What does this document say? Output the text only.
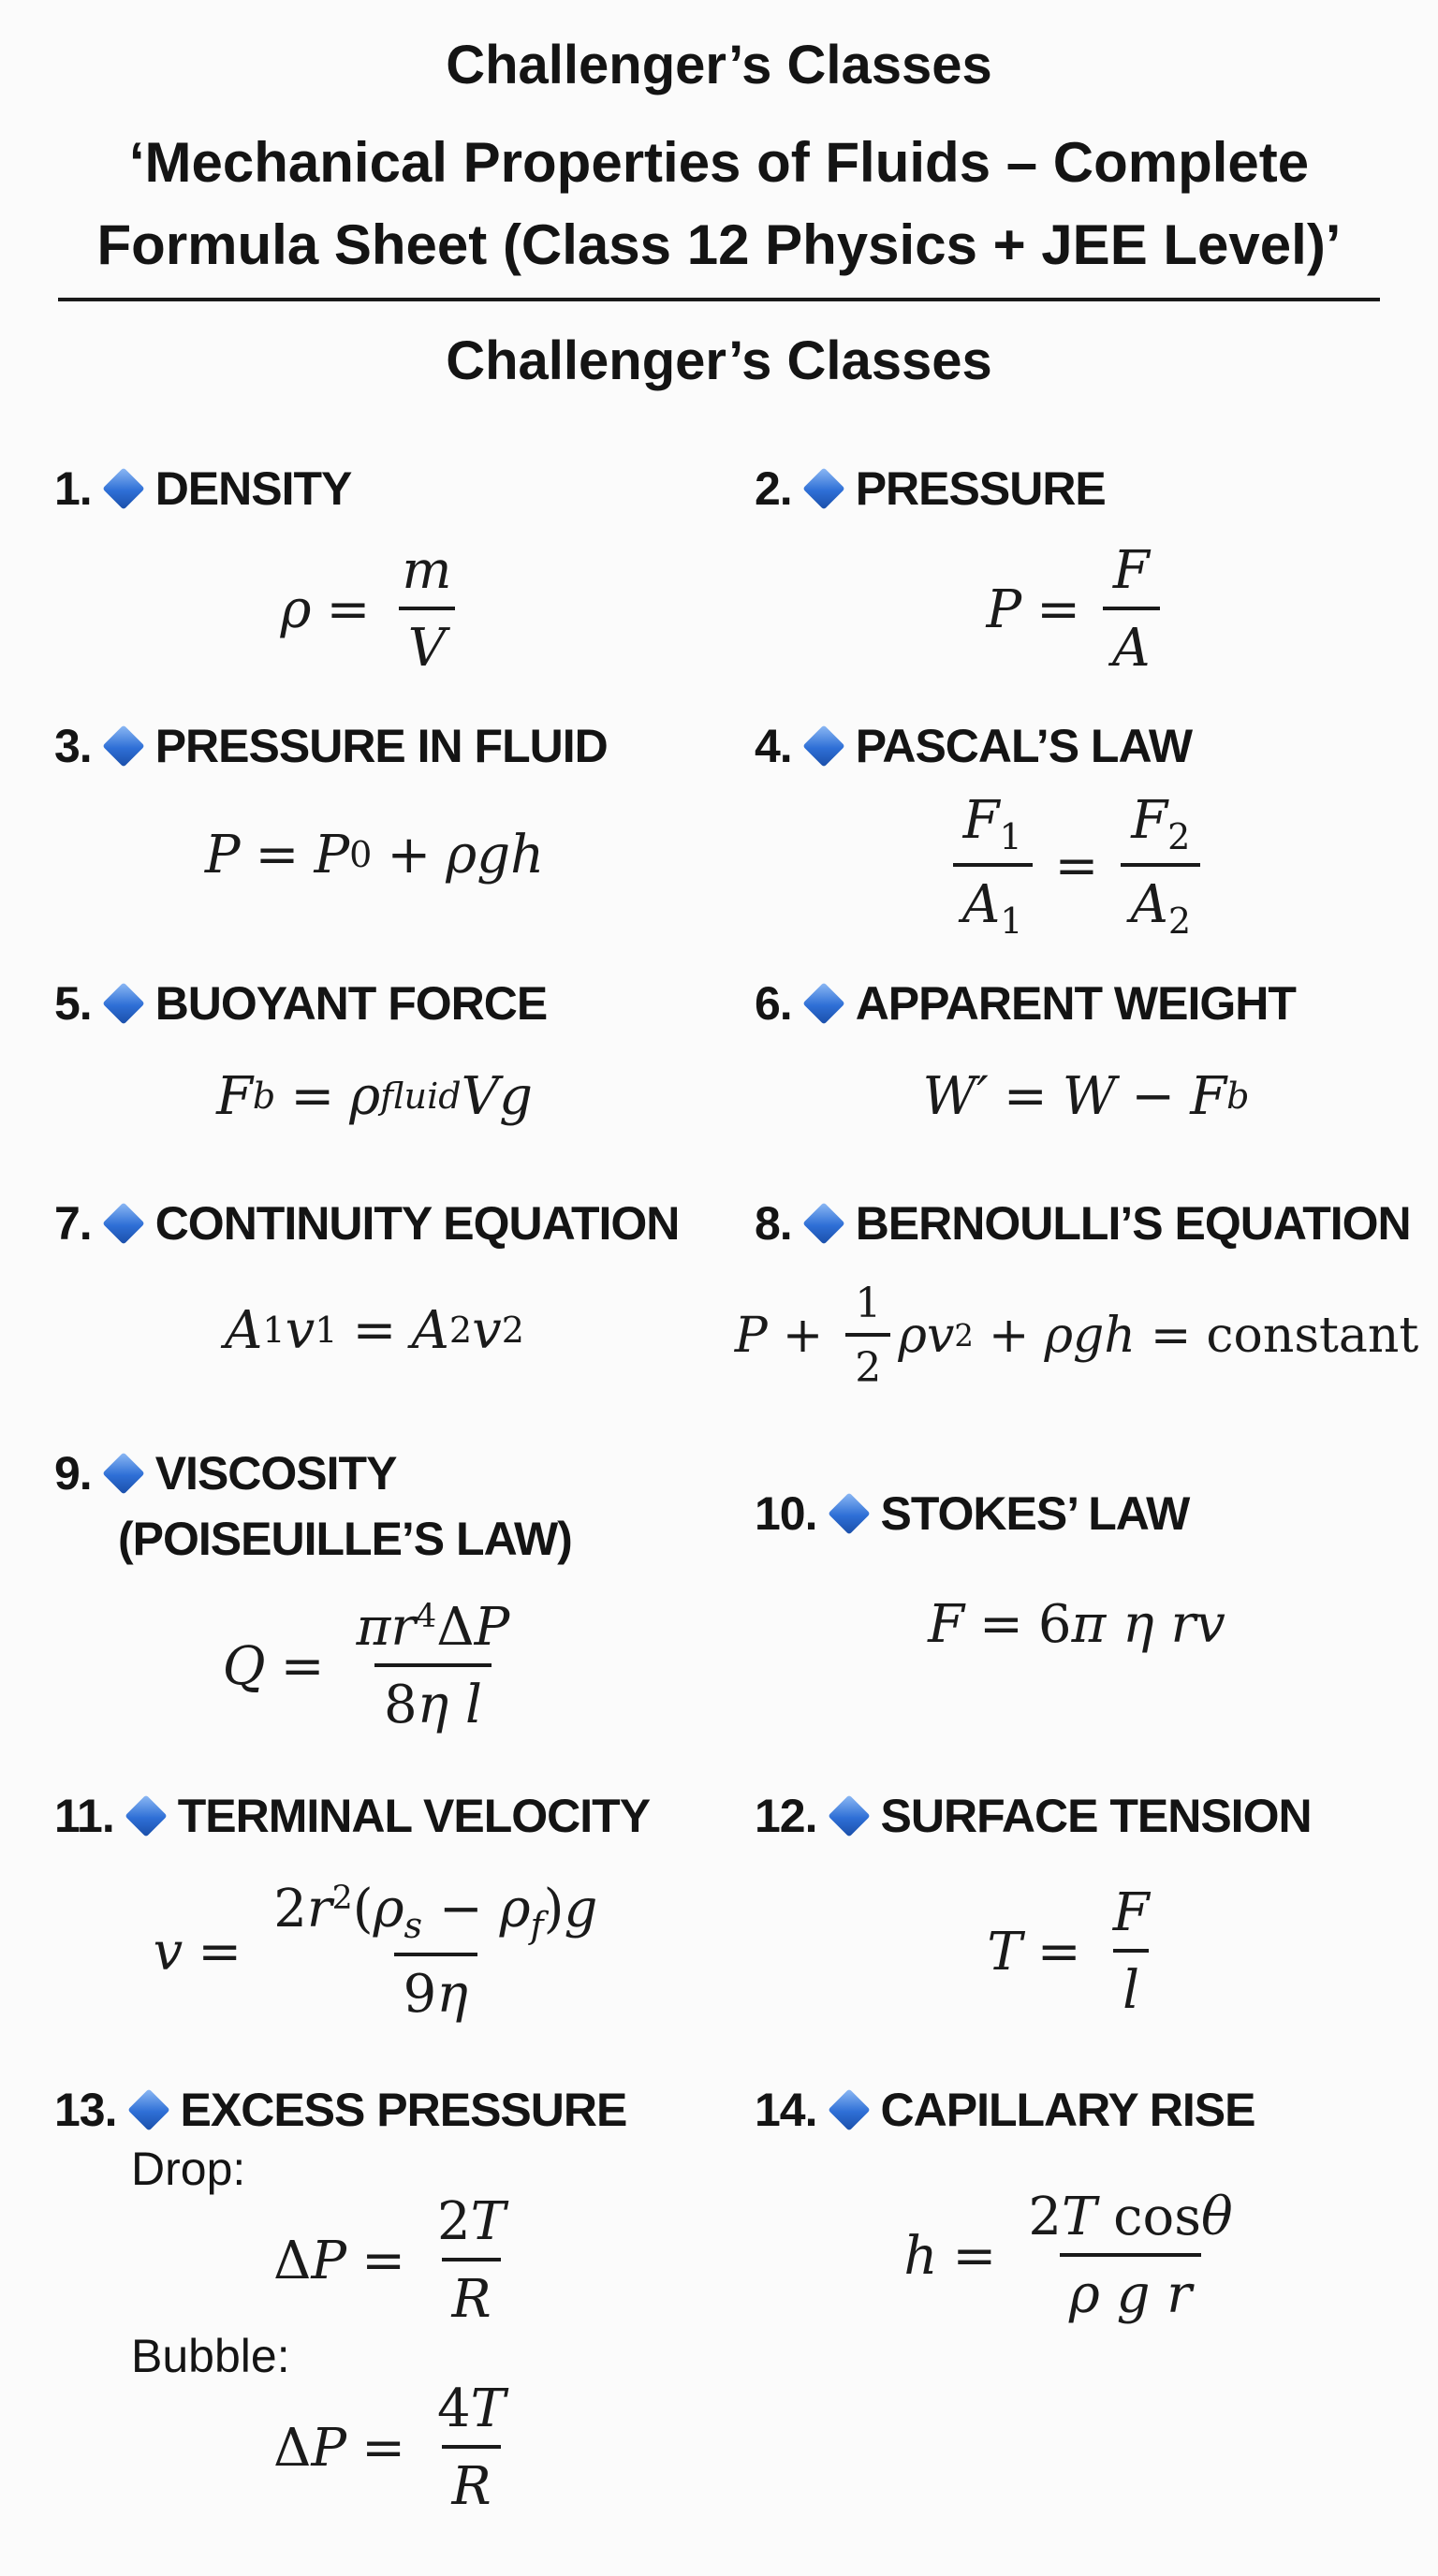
Challenger’s Classes
‘Mechanical Properties of Fluids – Complete
Formula Sheet (Class 12 Physics + JEE Level)’
Challenger’s Classes
1. DENSITY
$\rho = \frac{m}{V}$
2. PRESSURE
$P = \frac{F}{A}$
3. PRESSURE IN FLUID
P = P 0 + ρgh
4. PASCAL’S LAW
$\frac{F_1}{A_1} = \frac{F_2}{A_2}$
5. BUOYANT FORCE
F b = ρ fluid Vg
6. APPARENT WEIGHT
W′ = W − F b
7. CONTINUITY EQUATION
A 1 v 1 = A 2 v 2
8. BERNOULLI’S EQUATION
$P + \frac{1}{2}$ ρv 2 + ρgh = constant
9. VISCOSITY
(POISEUILLE’S LAW)
$Q = \frac{\pi r^4\Delta P}{\text{8η l}}$
10. STOKES’ LAW
F = 6 π η rv
11. TERMINAL VELOCITY
$v = \frac{2r^2(\rho_s - \rho_f)g}{9\eta}$
12. SURFACE TENSION
$T = \frac{F}{l}$
13. EXCESS PRESSURE
Drop:
Δ $P = \frac{2T}{R}$
Bubble:
Δ $P = \frac{4T}{R}$
14. CAPILLARY RISE
$h = \frac{\text{2T cosθ}}{\text{ρ g r}}$
